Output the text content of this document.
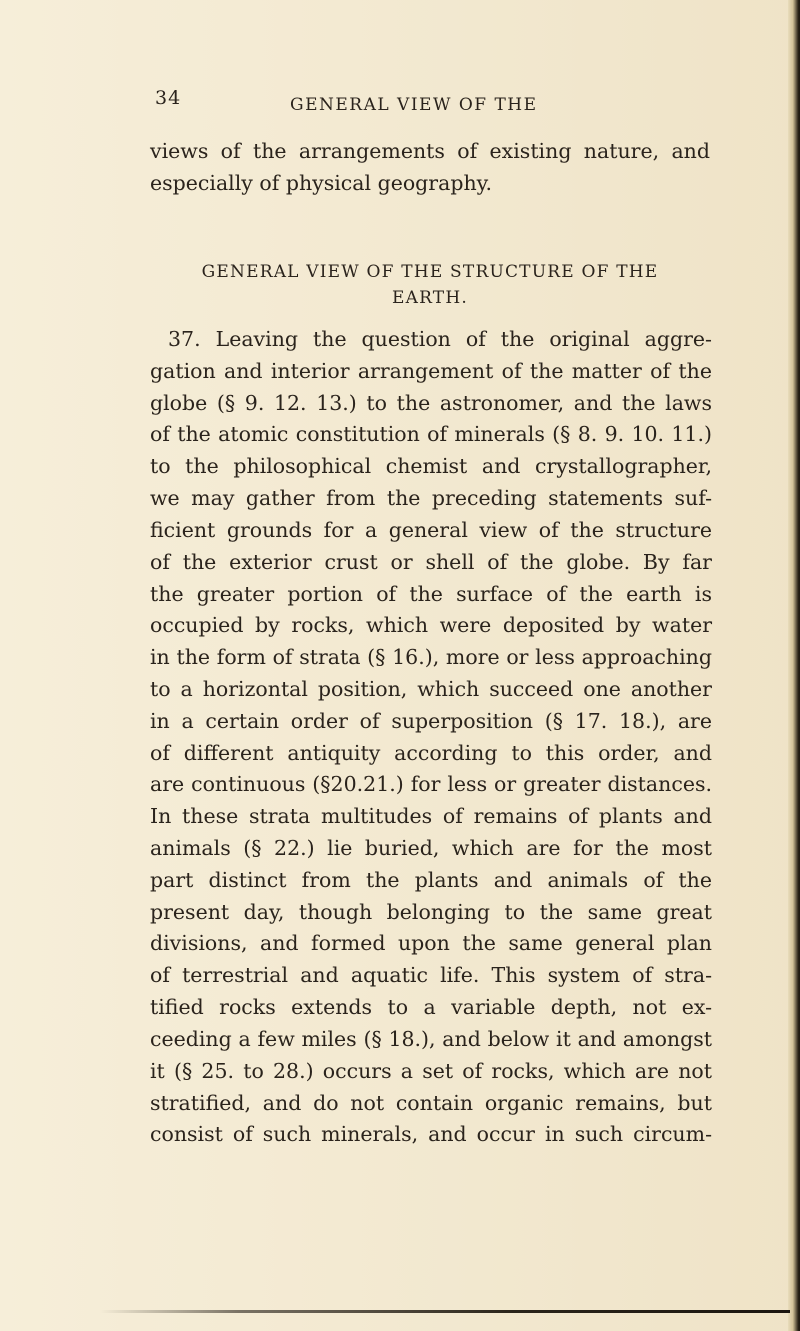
34	GENERAL VIEW OF THE
views of the arrangements of existing nature, and
especially of physical geography.
GENERAL VIEW OF THE STRUCTURE OF THE
EARTH.
37. Leaving the question of the original aggre-
gation and interior arrangement of the matter of the
globe (§ 9. 12. 13.) to the astronomer, and the laws
of the atomic constitution of minerals (§ 8. 9. 10. 11.)
to the philosophical chemist and crystallographer,
we may gather from the preceding statements suf-
ficient grounds for a general view of the structure
of the exterior crust or shell of the globe. By far
the greater portion of the surface of the earth is
occupied by rocks, which were deposited by water
in the form of strata (§ 16.), more or less approaching
to a horizontal position, which succeed one another
in a certain order of superposition (§ 17. 18.), are
of different antiquity according to this order, and
are continuous (§20.21.) for less or greater distances.
In these strata multitudes of remains of plants and
animals (§ 22.) lie buried, which are for the most
part distinct from the plants and animals of the
present day, though belonging to the same great
divisions, and formed upon the same general plan
of terrestrial and aquatic life. This system of stra-
tified rocks extends to a variable depth, not ex-
ceeding a few miles (§ 18.), and below it and amongst
it (§ 25. to 28.) occurs a set of rocks, which are not
stratified, and do not contain organic remains, but
consist of such minerals, and occur in such circum-
